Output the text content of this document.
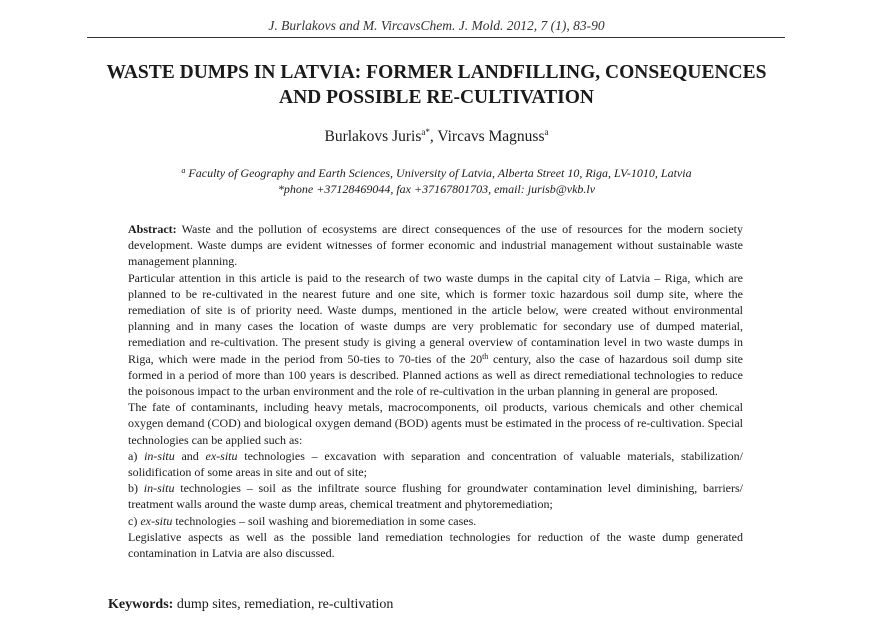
J. Burlakovs and M. VircavsChem. J. Mold. 2012, 7 (1), 83-90
WASTE DUMPS IN LATVIA: FORMER LANDFILLING, CONSEQUENCES
AND POSSIBLE RE-CULTIVATION
Burlakovs Juris$^{a*}$, Vircavs Magnuss$^a$
$^a$ Faculty of Geography and Earth Sciences, University of Latvia, Alberta Street 10, Riga, LV-1010, Latvia
*phone +37128469044, fax +37167801703, email: jurisb@vkb.lv

Abstract: Waste and the pollution of ecosystems are direct consequences of the use of resources for the modern society development. Waste dumps are evident witnesses of former economic and industrial management without sustainable waste management planning.

Particular attention in this article is paid to the research of two waste dumps in the capital city of Latvia – Riga, which are planned to be re-cultivated in the nearest future and one site, which is former toxic hazardous soil dump site, where the remediation of site is of priority need. Waste dumps, mentioned in the article below, were created without environmental planning and in many cases the location of waste dumps are very problematic for secondary use of dumped material, remediation and re-cultivation. The present study is giving a general overview of contamination level in two waste dumps in Riga, which were made in the period from 50-ties to 70-ties of the 20th century, also the case of hazardous soil dump site formed in a period of more than 100 years is described. Planned actions as well as direct remediational technologies to reduce the poisonous impact to the urban environment and the role of re-cultivation in the urban planning in general are proposed.

The fate of contaminants, including heavy metals, macrocomponents, oil products, various chemicals and other chemical oxygen demand (COD) and biological oxygen demand (BOD) agents must be estimated in the process of re-cultivation. Special technologies can be applied such as:

a) in-situ and ex-situ technologies – excavation with separation and concentration of valuable materials, stabilization/ solidification of some areas in site and out of site;

b) in-situ technologies – soil as the infiltrate source flushing for groundwater contamination level diminishing, barriers/ treatment walls around the waste dump areas, chemical treatment and phytoremediation;

c) ex-situ technologies – soil washing and bioremediation in some cases.

Legislative aspects as well as the possible land remediation technologies for reduction of the waste dump generated contamination in Latvia are also discussed.

Keywords: dump sites, remediation, re-cultivation
